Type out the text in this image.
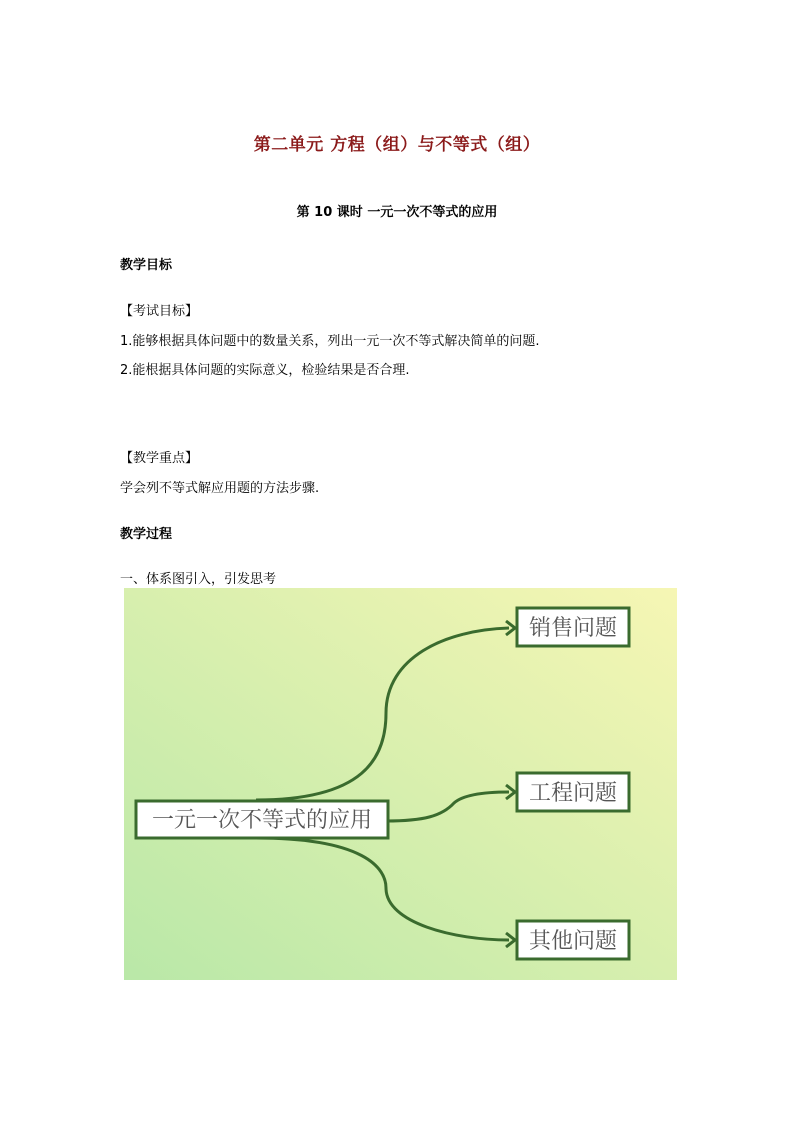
第二单元 方程（组）与不等式（组）
第 10 课时 一元一次不等式的应用
教学目标
【考试目标】
1.能够根据具体问题中的数量关系，列出一元一次不等式解决简单的问题.
2.能根据具体问题的实际意义，检验结果是否合理.
【教学重点】
学会列不等式解应用题的方法步骤.
教学过程
一、体系图引入，引发思考
一元一次不等式的应用
销售问题
工程问题
其他问题
